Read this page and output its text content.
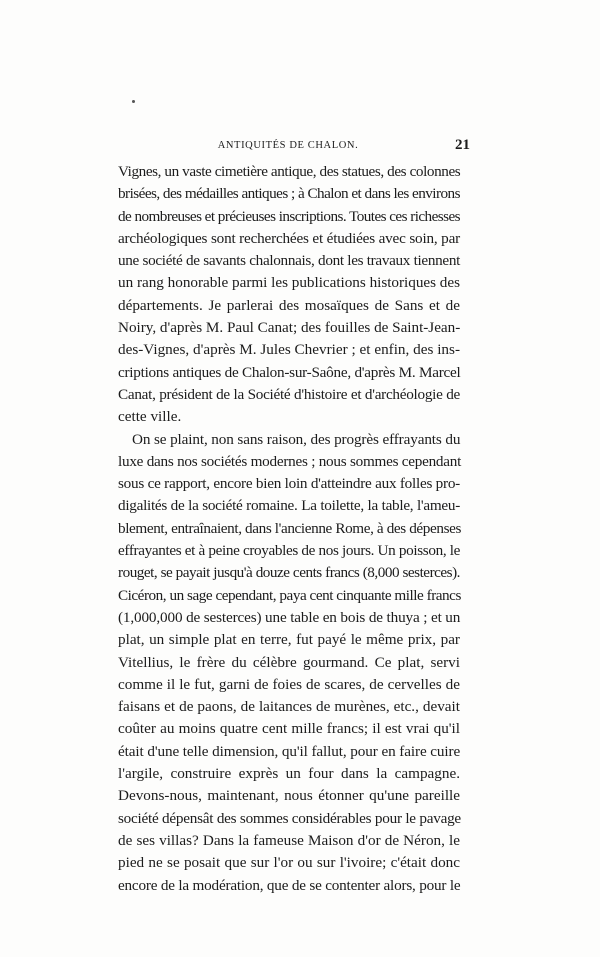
ANTIQUITÉS DE CHALON.	21
Vignes, un vaste cimetière antique, des statues, des colonnes
brisées, des médailles antiques ; à Chalon et dans les environs
de nombreuses et précieuses inscriptions. Toutes ces richesses
archéologiques sont recherchées et étudiées avec soin, par
une société de savants chalonnais, dont les travaux tiennent
un rang honorable parmi les publications historiques des
départements. Je parlerai des mosaïques de Sans et de
Noiry, d'après M. Paul Canat; des fouilles de Saint-Jean-
des-Vignes, d'après M. Jules Chevrier ; et enfin, des ins-
criptions antiques de Chalon-sur-Saône, d'après M. Marcel
Canat, président de la Société d'histoire et d'archéologie de
cette ville.
On se plaint, non sans raison, des progrès effrayants du
luxe dans nos sociétés modernes ; nous sommes cependant
sous ce rapport, encore bien loin d'atteindre aux folles pro-
digalités de la société romaine. La toilette, la table, l'ameu-
blement, entraînaient, dans l'ancienne Rome, à des dépenses
effrayantes et à peine croyables de nos jours. Un poisson, le
rouget, se payait jusqu'à douze cents francs (8,000 sesterces).
Cicéron, un sage cependant, paya cent cinquante mille francs
(1,000,000 de sesterces) une table en bois de thuya ; et un
plat, un simple plat en terre, fut payé le même prix, par
Vitellius, le frère du célèbre gourmand. Ce plat, servi
comme il le fut, garni de foies de scares, de cervelles de
faisans et de paons, de laitances de murènes, etc., devait
coûter au moins quatre cent mille francs; il est vrai qu'il
était d'une telle dimension, qu'il fallut, pour en faire cuire
l'argile, construire exprès un four dans la campagne.
Devons-nous, maintenant, nous étonner qu'une pareille
société dépensât des sommes considérables pour le pavage
de ses villas? Dans la fameuse Maison d'or de Néron, le
pied ne se posait que sur l'or ou sur l'ivoire; c'était donc
encore de la modération, que de se contenter alors, pour le
